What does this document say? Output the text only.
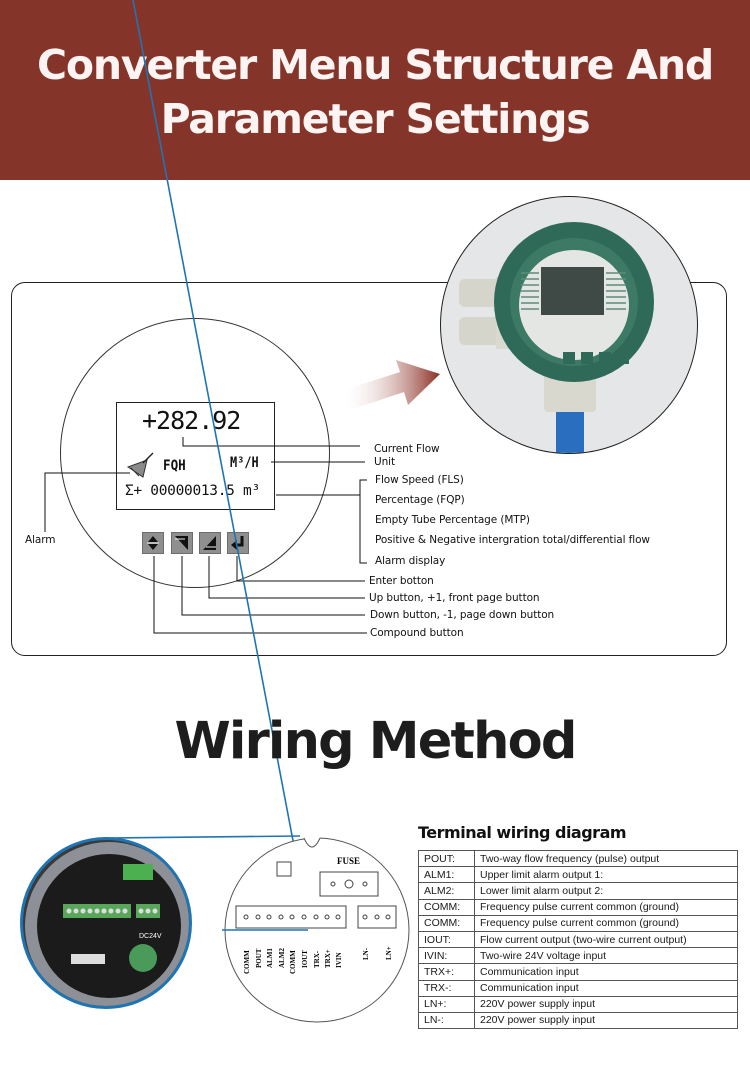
Converter Menu Structure And
Parameter Settings
+282.92
FQH	M³/H
Σ+ 00000013.5 m³
Alarm
Current Flow
Unit
Flow Speed (FLS)
Percentage (FQP)
Empty Tube Percentage (MTP)
Positive & Negative intergration total/differential flow
Alarm display
Enter botton
Up button, +1, front page button
Down button, -1, page down button
Compound button
Wiring Method
DC24V
FUSE
COMM POUT ALM1 ALM2 COMM IOUT TRX- TRX+ IVIN	LN- LN+
Terminal wiring diagram
POUT:	Two-way flow frequency (pulse) output
ALM1:	Upper limit alarm output 1:
ALM2:	Lower limit alarm output 2:
COMM:	Frequency pulse current common (ground)
COMM:	Frequency pulse current common (ground)
IOUT:	Flow current output (two-wire current output)
IVIN:	Two-wire 24V voltage input
TRX+:	Communication input
TRX-:	Communication input
LN+:	220V power supply input
LN-:	220V power supply input
